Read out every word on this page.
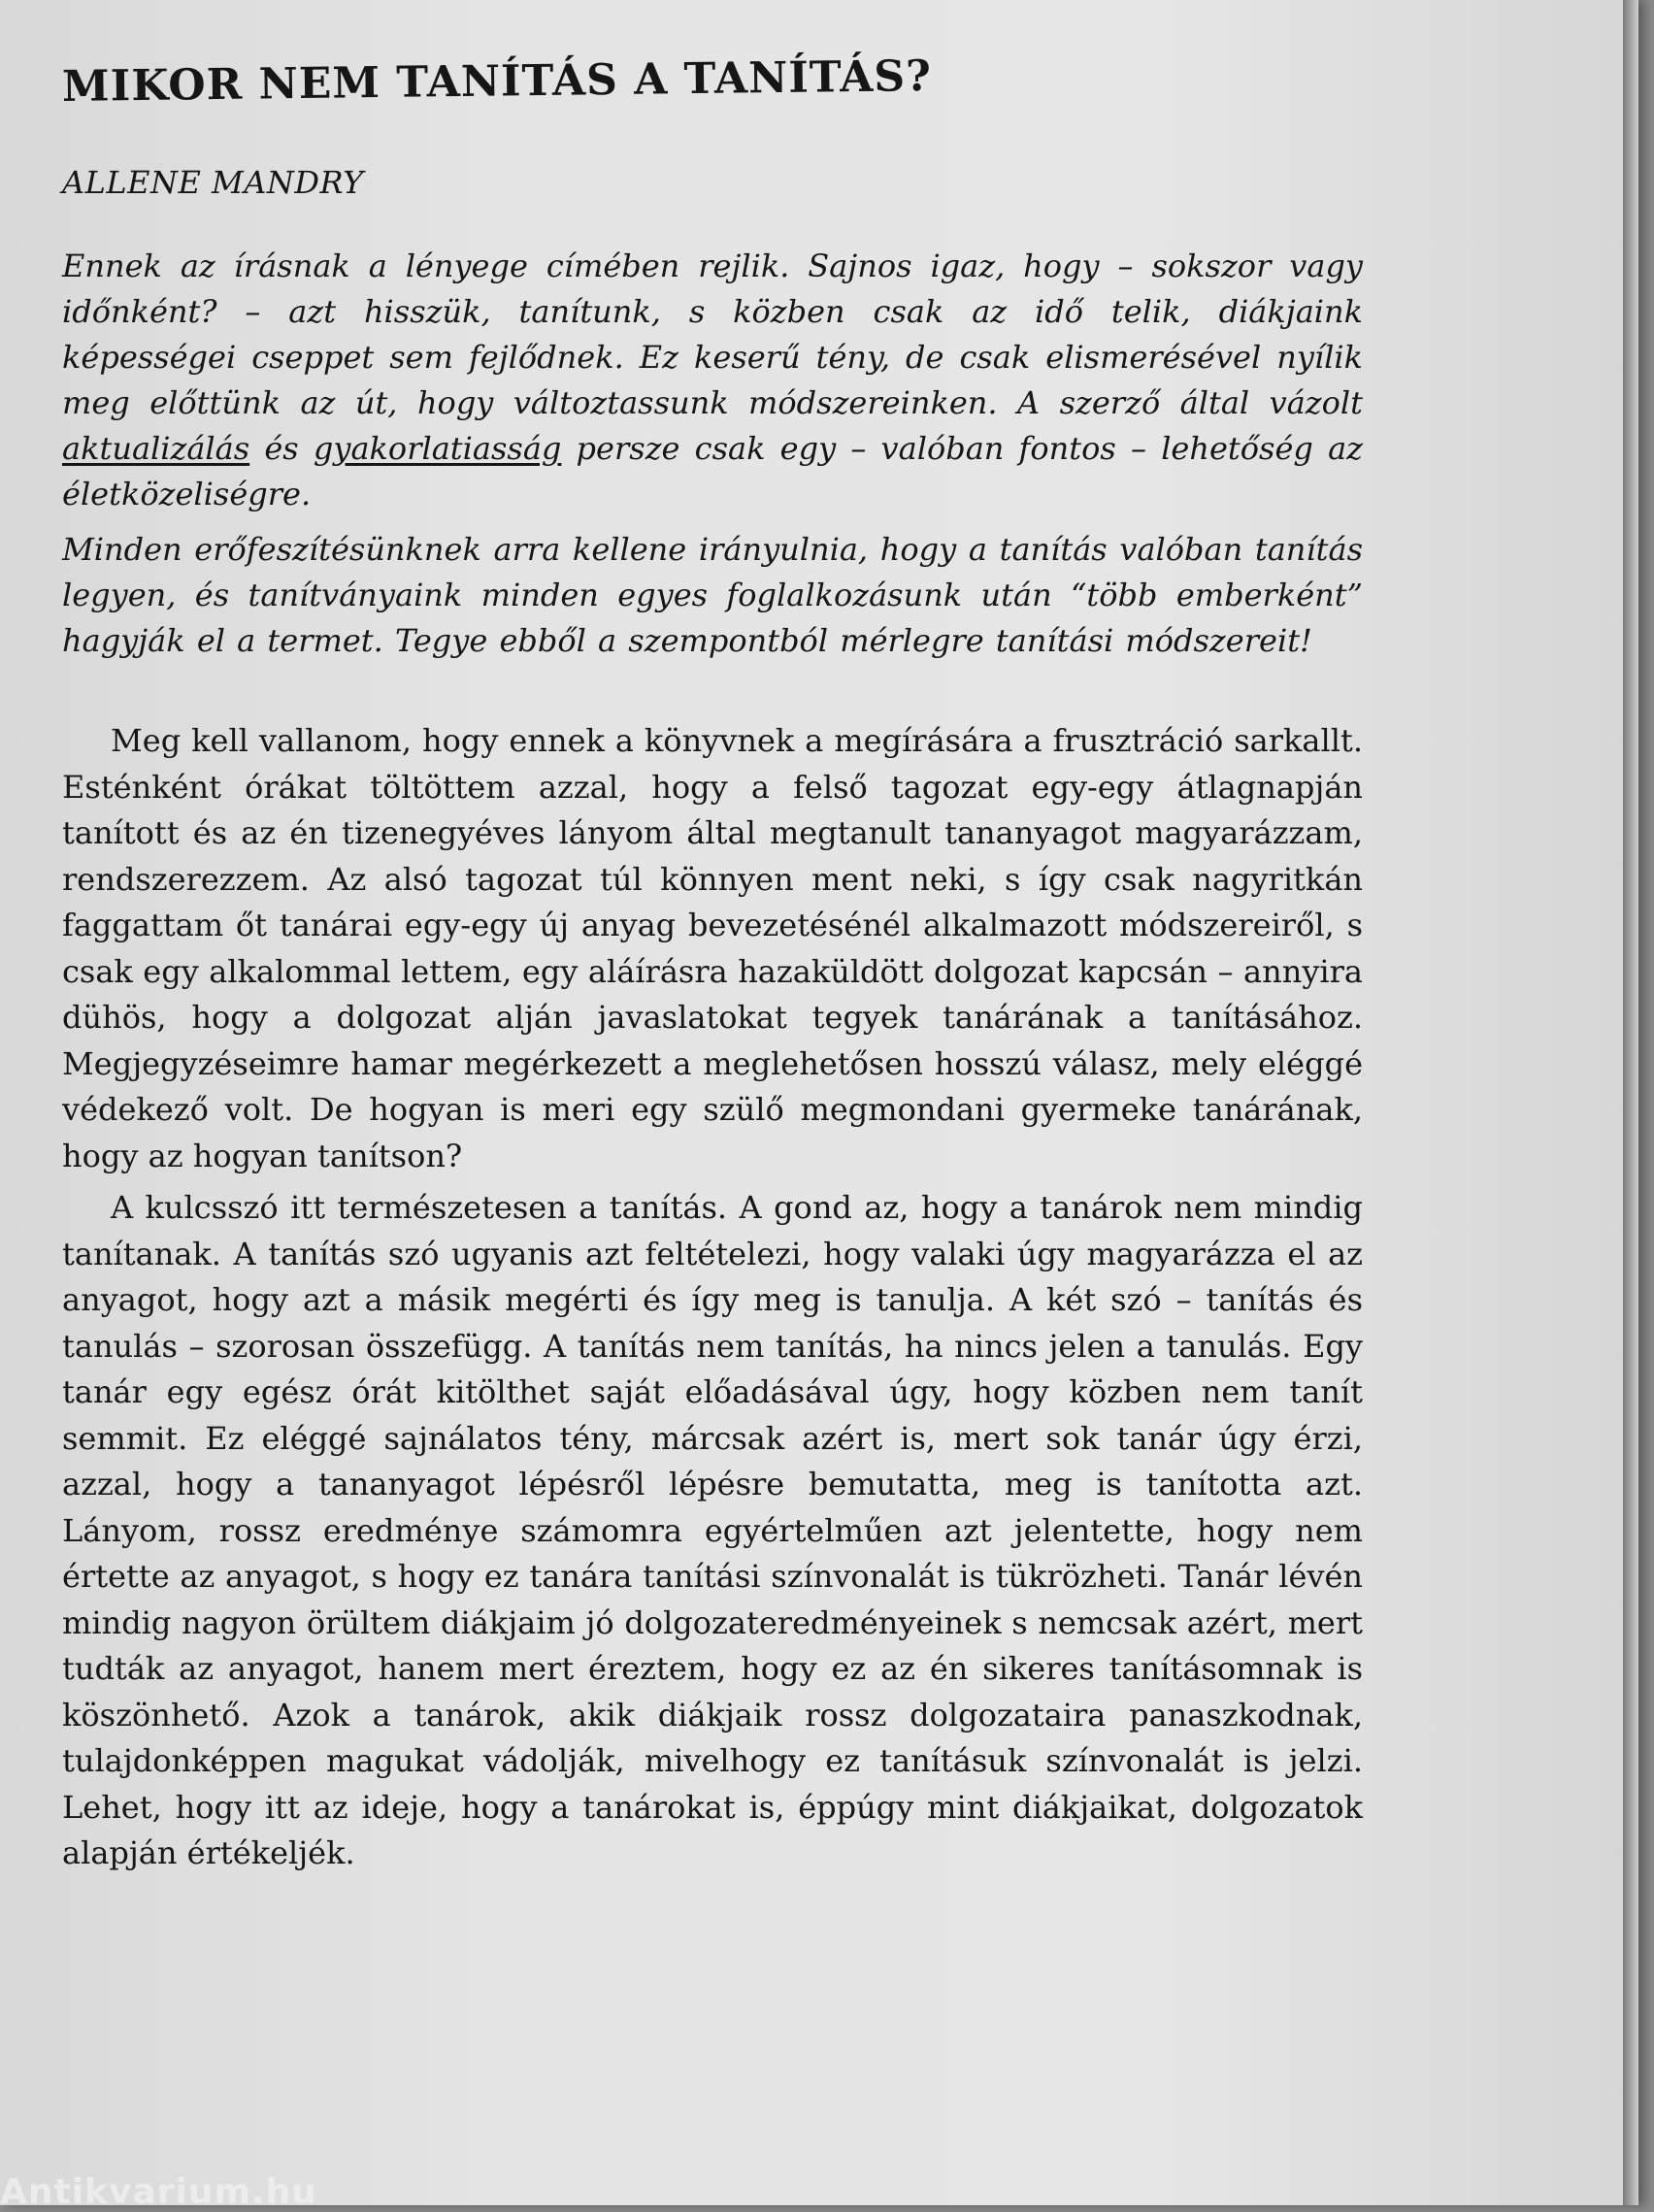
MIKOR NEM TANÍTÁS A TANÍTÁS?
ALLENE MANDRY

Ennek az írásnak a lényege címében rejlik. Sajnos igaz, hogy – sokszor vagy időnként? – azt hisszük, tanítunk, s közben csak az idő telik, diákjaink képességei cseppet sem fejlődnek. Ez keserű tény, de csak elismerésével nyílik meg előttünk az út, hogy változtassunk módszereinken. A szerző által vázolt aktualizálás és gyakorlatiasság persze csak egy – valóban fontos – lehetőség az életközeliségre.

Minden erőfeszítésünknek arra kellene irányulnia, hogy a tanítás valóban tanítás legyen, és tanítványaink minden egyes foglalkozásunk után “több emberként” hagyják el a termet. Tegye ebből a szempontból mérlegre tanítási módszereit!

Meg kell vallanom, hogy ennek a könyvnek a megírására a frusztráció sarkallt. Esténként órákat töltöttem azzal, hogy a felső tagozat egy-egy átlagnapján tanított és az én tizenegyéves lányom által megtanult tananyagot magyarázzam, rendszerezzem. Az alsó tagozat túl könnyen ment neki, s így csak nagyritkán faggattam őt tanárai egy-egy új anyag bevezetésénél alkalmazott módszereiről, s csak egy alkalommal lettem, egy aláírásra hazaküldött dolgozat kapcsán – annyira dühös, hogy a dolgozat alján javaslatokat tegyek tanárának a tanításához. Megjegyzéseimre hamar megérkezett a meglehetősen hosszú válasz, mely eléggé védekező volt. De hogyan is meri egy szülő megmondani gyermeke tanárának, hogy az hogyan tanítson?

A kulcsszó itt természetesen a tanítás. A gond az, hogy a tanárok nem mindig tanítanak. A tanítás szó ugyanis azt feltételezi, hogy valaki úgy magyarázza el az anyagot, hogy azt a másik megérti és így meg is tanulja. A két szó – tanítás és tanulás – szorosan összefügg. A tanítás nem tanítás, ha nincs jelen a tanulás. Egy tanár egy egész órát kitölthet saját előadásával úgy, hogy közben nem tanít semmit. Ez eléggé sajnálatos tény, márcsak azért is, mert sok tanár úgy érzi, azzal, hogy a tananyagot lépésről lépésre bemutatta, meg is tanította azt. Lányom, rossz eredménye számomra egyértelműen azt jelentette, hogy nem értette az anyagot, s hogy ez tanára tanítási színvonalát is tükrözheti. Tanár lévén mindig nagyon örültem diákjaim jó dolgozateredményeinek s nemcsak azért, mert tudták az anyagot, hanem mert éreztem, hogy ez az én sikeres tanításomnak is köszönhető. Azok a tanárok, akik diákjaik rossz dolgozataira panaszkodnak, tulajdonképpen magukat vádolják, mivelhogy ez tanításuk színvonalát is jelzi. Lehet, hogy itt az ideje, hogy a tanárokat is, éppúgy mint diákjaikat, dolgozatok alapján értékeljék.

Antikvarium.hu
